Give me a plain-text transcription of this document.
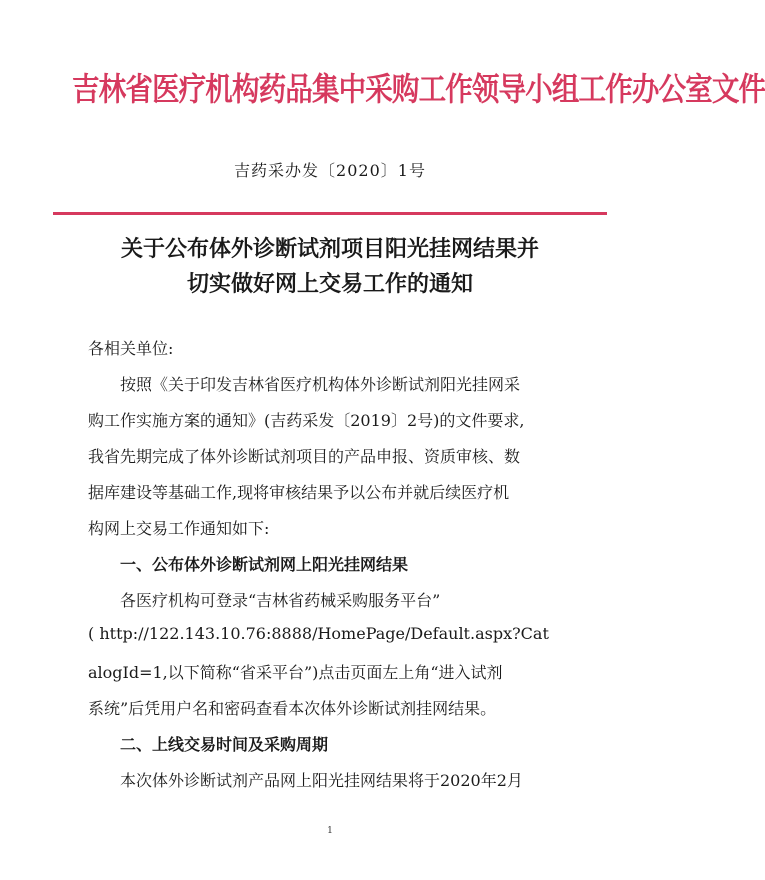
吉林省医疗机构药品集中采购工作领导小组工作办公室文件
吉药采办发〔2020〕1号
关于公布体外诊断试剂项目阳光挂网结果并
切实做好网上交易工作的通知
各相关单位:
按照《关于印发吉林省医疗机构体外诊断试剂阳光挂网采
购工作实施方案的通知》(吉药采发〔2019〕2号)的文件要求,
我省先期完成了体外诊断试剂项目的产品申报、资质审核、数
据库建设等基础工作,现将审核结果予以公布并就后续医疗机
构网上交易工作通知如下:
一、公布体外诊断试剂网上阳光挂网结果
各医疗机构可登录“吉林省药械采购服务平台”
( http://122.143.10.76:8888/HomePage/Default.aspx?Cat
alogId=1,以下简称“省采平台”)点击页面左上角“进入试剂
系统”后凭用户名和密码查看本次体外诊断试剂挂网结果。
二、上线交易时间及采购周期
本次体外诊断试剂产品网上阳光挂网结果将于2020年2月
1
